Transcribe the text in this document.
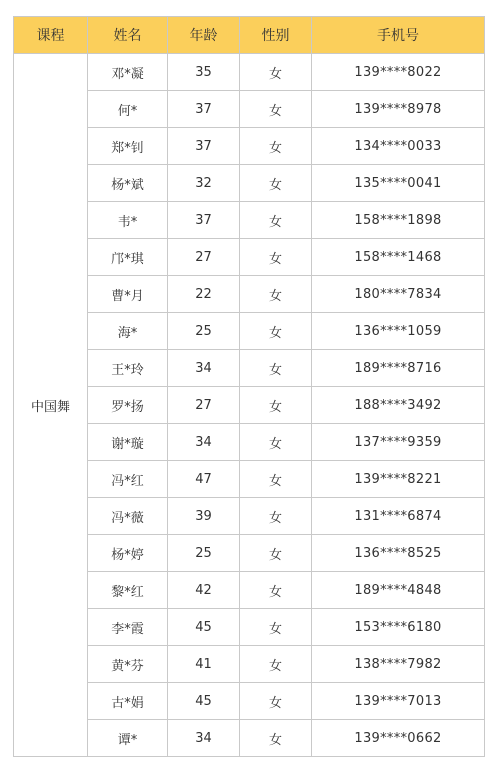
课程	姓名	年龄	性别	手机号
中国舞	邓*凝	35	女	139****8022
	何*	37	女	139****8978
	郑*钊	37	女	134****0033
	杨*斌	32	女	135****0041
	韦*	37	女	158****1898
	邝*琪	27	女	158****1468
	曹*月	22	女	180****7834
	海*	25	女	136****1059
	王*玲	34	女	189****8716
	罗*扬	27	女	188****3492
	谢*璇	34	女	137****9359
	冯*红	47	女	139****8221
	冯*薇	39	女	131****6874
	杨*婷	25	女	136****8525
	黎*红	42	女	189****4848
	李*霞	45	女	153****6180
	黄*芬	41	女	138****7982
	古*娟	45	女	139****7013
	谭*	34	女	139****0662
